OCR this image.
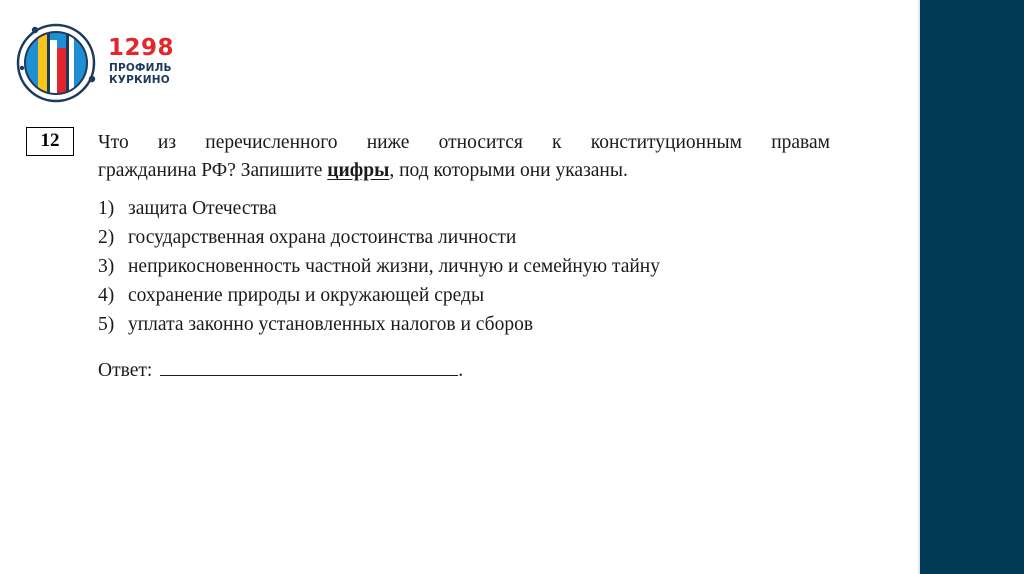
1298
ПРОФИЛЬ
КУРКИНО
12	Что из перечисленного ниже относится к конституционным правам
гражданина РФ? Запишите цифры, под которыми они указаны.
1) защита Отечества
2) государственная охрана достоинства личности
3) неприкосновенность частной жизни, личную и семейную тайну
4) сохранение природы и окружающей среды
5) уплата законно установленных налогов и сборов
Ответ:	.
